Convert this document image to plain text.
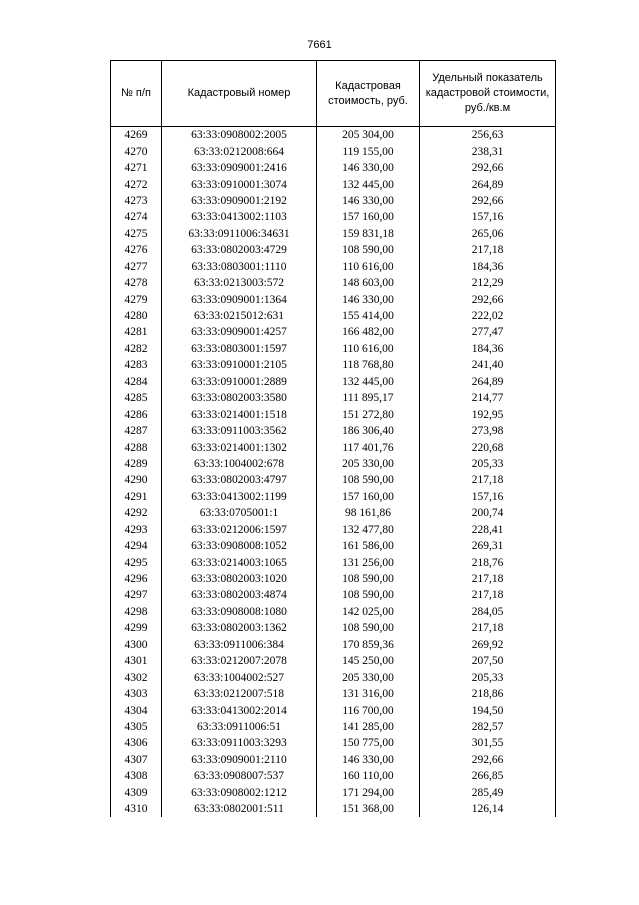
7661
№ п/п	Кадастровый номер	Кадастровая стоимость, руб.	Удельный показатель кадастровой стоимости, руб./кв.м
4269	63:33:0908002:2005	205 304,00	256,63
4270	63:33:0212008:664	119 155,00	238,31
4271	63:33:0909001:2416	146 330,00	292,66
4272	63:33:0910001:3074	132 445,00	264,89
4273	63:33:0909001:2192	146 330,00	292,66
4274	63:33:0413002:1103	157 160,00	157,16
4275	63:33:0911006:34631	159 831,18	265,06
4276	63:33:0802003:4729	108 590,00	217,18
4277	63:33:0803001:1110	110 616,00	184,36
4278	63:33:0213003:572	148 603,00	212,29
4279	63:33:0909001:1364	146 330,00	292,66
4280	63:33:0215012:631	155 414,00	222,02
4281	63:33:0909001:4257	166 482,00	277,47
4282	63:33:0803001:1597	110 616,00	184,36
4283	63:33:0910001:2105	118 768,80	241,40
4284	63:33:0910001:2889	132 445,00	264,89
4285	63:33:0802003:3580	111 895,17	214,77
4286	63:33:0214001:1518	151 272,80	192,95
4287	63:33:0911003:3562	186 306,40	273,98
4288	63:33:0214001:1302	117 401,76	220,68
4289	63:33:1004002:678	205 330,00	205,33
4290	63:33:0802003:4797	108 590,00	217,18
4291	63:33:0413002:1199	157 160,00	157,16
4292	63:33:0705001:1	98 161,86	200,74
4293	63:33:0212006:1597	132 477,80	228,41
4294	63:33:0908008:1052	161 586,00	269,31
4295	63:33:0214003:1065	131 256,00	218,76
4296	63:33:0802003:1020	108 590,00	217,18
4297	63:33:0802003:4874	108 590,00	217,18
4298	63:33:0908008:1080	142 025,00	284,05
4299	63:33:0802003:1362	108 590,00	217,18
4300	63:33:0911006:384	170 859,36	269,92
4301	63:33:0212007:2078	145 250,00	207,50
4302	63:33:1004002:527	205 330,00	205,33
4303	63:33:0212007:518	131 316,00	218,86
4304	63:33:0413002:2014	116 700,00	194,50
4305	63:33:0911006:51	141 285,00	282,57
4306	63:33:0911003:3293	150 775,00	301,55
4307	63:33:0909001:2110	146 330,00	292,66
4308	63:33:0908007:537	160 110,00	266,85
4309	63:33:0908002:1212	171 294,00	285,49
4310	63:33:0802001:511	151 368,00	126,14
